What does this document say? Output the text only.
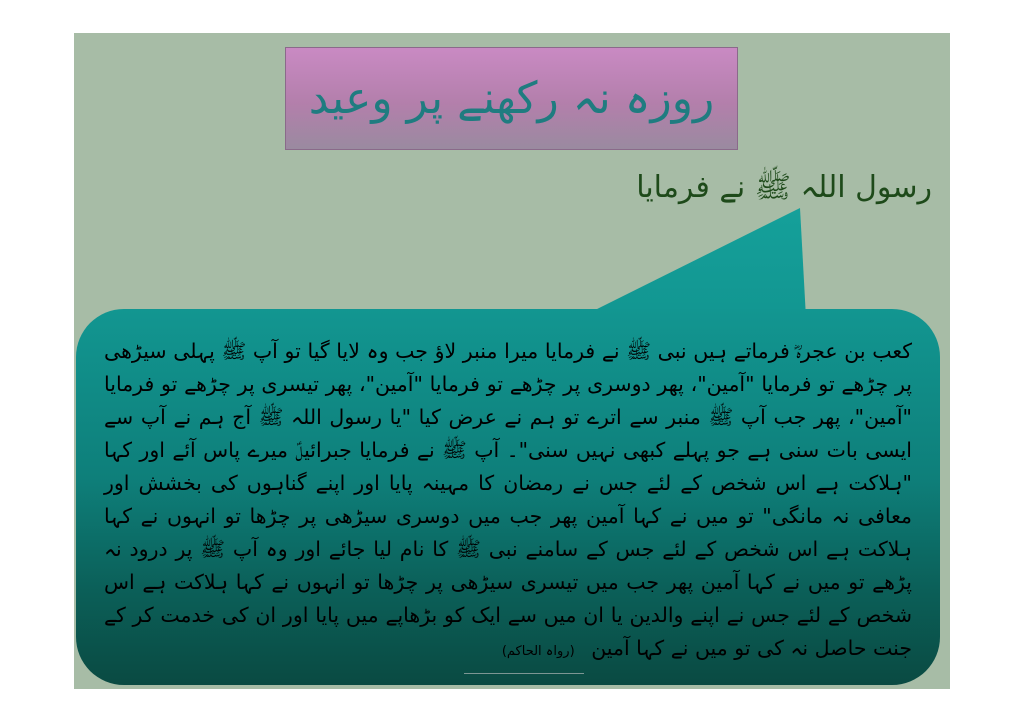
روزہ نہ رکھنے پر وعید
رسول اللہ ﷺ نے فرمایا

کعب بن عجرہؓ فرماتے ہیں نبی ﷺ نے فرمایا میرا منبر لاؤ جب وہ لایا گیا تو آپ ﷺ پہلی سیڑھی پر چڑھے تو فرمایا "آمین"، پھر دوسری پر چڑھے تو فرمایا "آمین"، پھر تیسری پر چڑھے تو فرمایا "آمین"، پھر جب آپ ﷺ منبر سے اترے تو ہم نے عرض کیا "یا رسول اللہ ﷺ آج ہم نے آپ سے ایسی بات سنی ہے جو پہلے کبھی نہیں سنی"۔ آپ ﷺ نے فرمایا جبرائیلؑ میرے پاس آئے اور کہا "ہلاکت ہے اس شخص کے لئے جس نے رمضان کا مہینہ پایا اور اپنے گناہوں کی بخشش اور معافی نہ مانگی" تو میں نے کہا آمین پھر جب میں دوسری سیڑھی پر چڑھا تو انہوں نے کہا ہلاکت ہے اس شخص کے لئے جس کے سامنے نبی ﷺ کا نام لیا جائے اور وہ آپ ﷺ پر درود نہ پڑھے تو میں نے کہا آمین پھر جب میں تیسری سیڑھی پر چڑھا تو انہوں نے کہا ہلاکت ہے اس شخص کے لئے جس نے اپنے والدین یا ان میں سے ایک کو بڑھاپے میں پایا اور ان کی خدمت کر کے جنت حاصل نہ کی تو میں نے کہا آمین (رواہ الحاکم)
